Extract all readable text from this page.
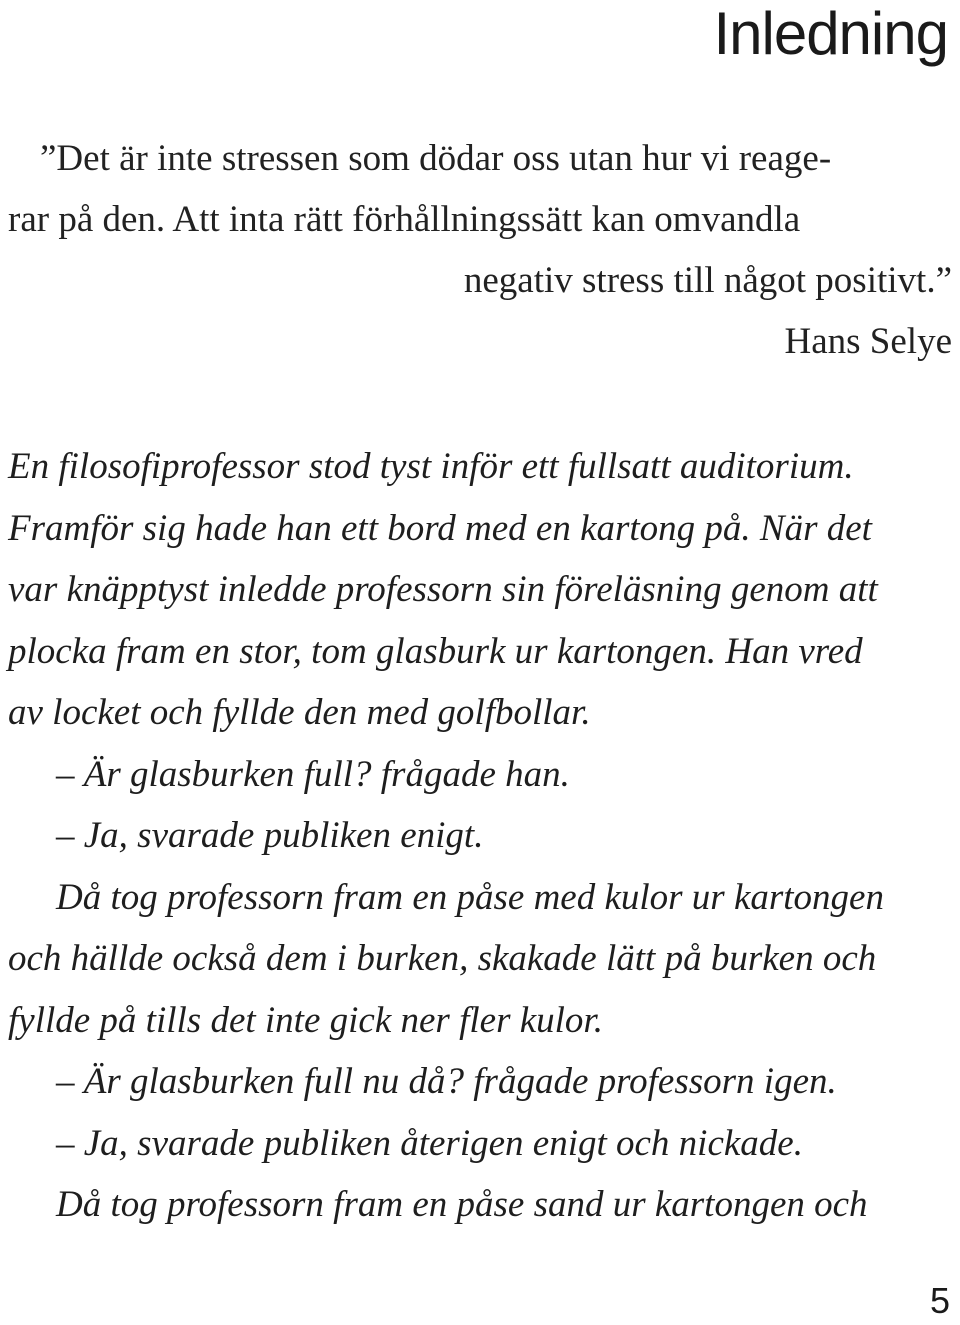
Inledning
”Det är inte stressen som dödar oss utan hur vi reage-
rar på den. Att inta rätt förhållningssätt kan omvandla
negativ stress till något positivt.”
Hans Selye
En filosofiprofessor stod tyst inför ett fullsatt auditorium.
Framför sig hade han ett bord med en kartong på. När det
var knäpptyst inledde professorn sin föreläsning genom att
plocka fram en stor, tom glasburk ur kartongen. Han vred
av locket och fyllde den med golfbollar.
– Är glasburken full? frågade han.
– Ja, svarade publiken enigt.
Då tog professorn fram en påse med kulor ur kartongen
och hällde också dem i burken, skakade lätt på burken och
fyllde på tills det inte gick ner fler kulor.
– Är glasburken full nu då? frågade professorn igen.
– Ja, svarade publiken återigen enigt och nickade.
Då tog professorn fram en påse sand ur kartongen och
5
